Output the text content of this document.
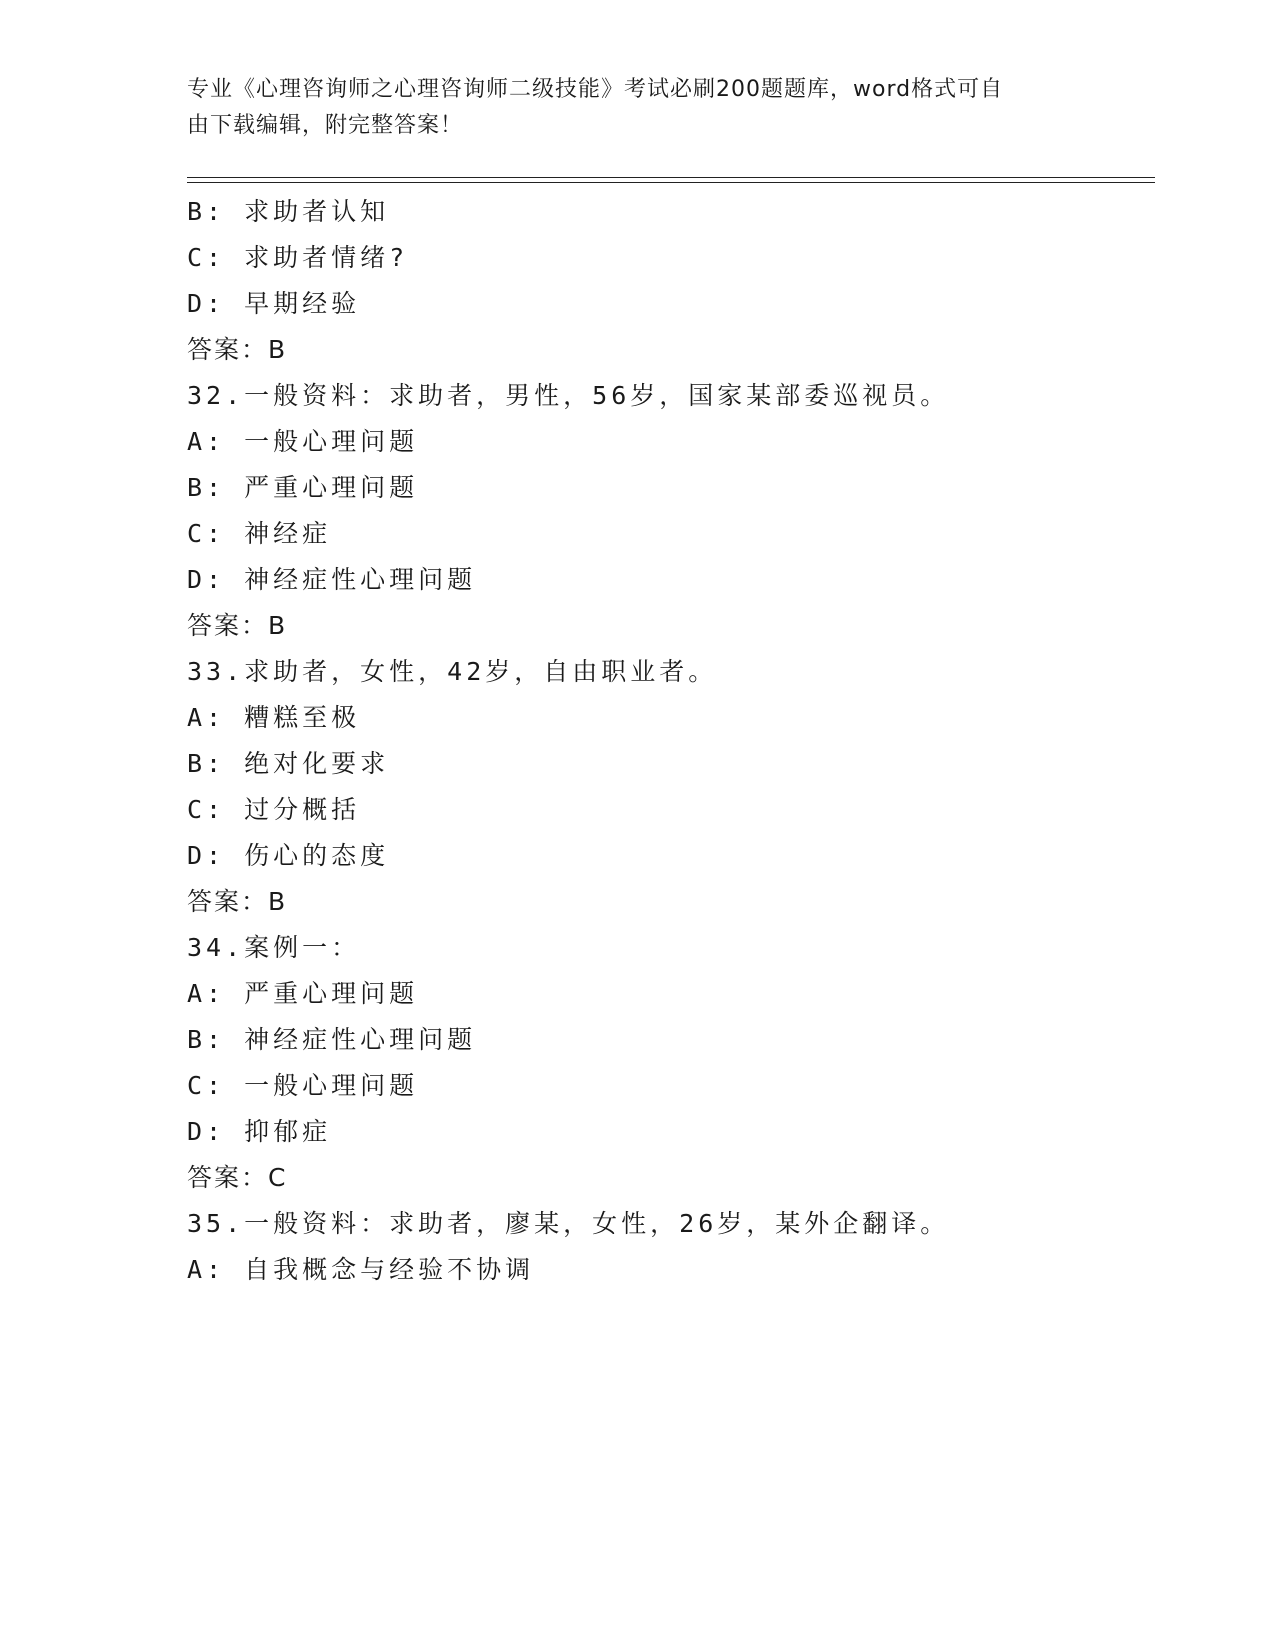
专业《心理咨询师之心理咨询师二级技能》考试必刷200题题库，word格式可自
由下载编辑，附完整答案！
B: 求助者认知
C: 求助者情绪?
D: 早期经验
答案：B
32.一般资料：求助者，男性，56岁，国家某部委巡视员。
A: 一般心理问题
B: 严重心理问题
C: 神经症
D: 神经症性心理问题
答案：B
33.求助者，女性，42岁，自由职业者。
A: 糟糕至极
B: 绝对化要求
C: 过分概括
D: 伤心的态度
答案：B
34.案例一：
A: 严重心理问题
B: 神经症性心理问题
C: 一般心理问题
D: 抑郁症
答案：C
35.一般资料：求助者，廖某，女性，26岁，某外企翻译。
A: 自我概念与经验不协调
